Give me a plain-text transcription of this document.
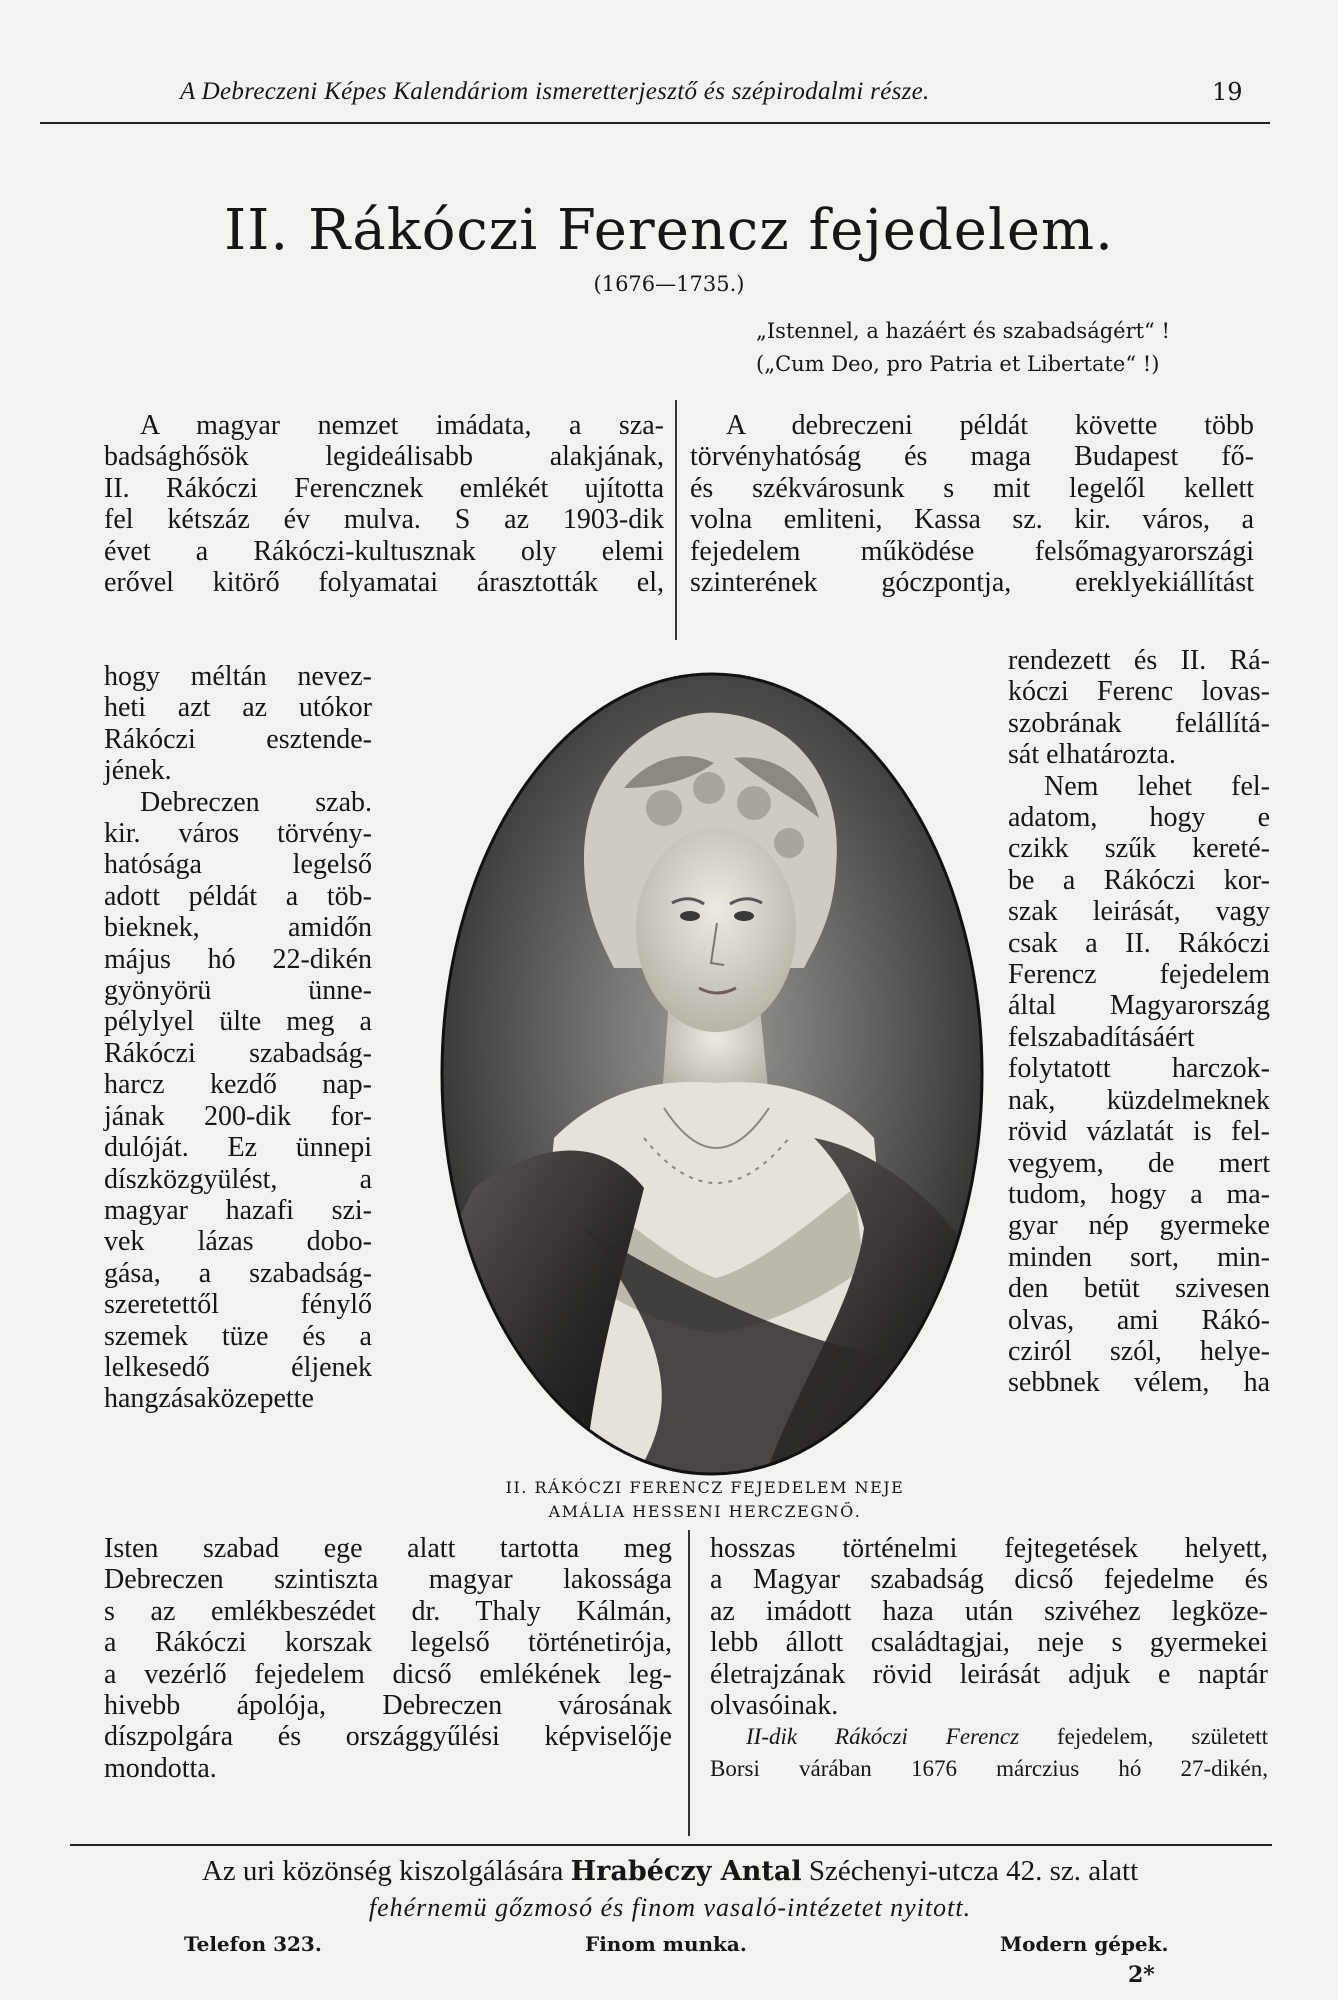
A Debreczeni Képes Kalendáriom ismeretterjesztő és szépirodalmi része.	19
II. Rákóczi Ferencz fejedelem.
(1676—1735.)
„Istennel, a hazáért és szabadságért“ !
(„Cum Deo, pro Patria et Libertate“ !)

A magyar nemzet imádata, a sza-

badsághősök legideálisabb alakjának,

II. Rákóczi Ferencznek emlékét ujította

fel kétszáz év mulva. S az 1903-dik

évet a Rákóczi-kultusznak oly elemi

erővel kitörő folyamatai árasztották el,

A debreczeni példát követte több

törvényhatóság és maga Budapest fő-

és székvárosunk s mit legelől kellett

volna emliteni, Kassa sz. kir. város, a

fejedelem működése felsőmagyarországi

szinterének góczpontja, ereklyekiállítást

hogy méltán nevez-

heti azt az utókor

Rákóczi esztende-

jének.

Debreczen szab.

kir. város törvény-

hatósága legelső

adott példát a töb-

bieknek, amidőn

május hó 22-dikén

gyönyörü ünne-

pélylyel ülte meg a

Rákóczi szabadság-

harcz kezdő nap-

jának 200-dik for-

dulóját. Ez ünnepi

díszközgyülést, a

magyar hazafi szi-

vek lázas dobo-

gása, a szabadság-

szeretettől fénylő

szemek tüze és a

lelkesedő éljenek

hangzásaközepette

rendezett és II. Rá-

kóczi Ferenc lovas-

szobrának felállítá-

sát elhatározta.

Nem lehet fel-

adatom, hogy e

czikk szűk kereté-

be a Rákóczi kor-

szak leirását, vagy

csak a II. Rákóczi

Ferencz fejedelem

által Magyarország

felszabadításáért

folytatott harczok-

nak, küzdelmeknek

rövid vázlatát is fel-

vegyem, de mert

tudom, hogy a ma-

gyar nép gyermeke

minden sort, min-

den betüt szivesen

olvas, ami Rákó-

cziról szól, helye-

sebbnek vélem, ha

II. RÁKÓCZI FERENCZ FEJEDELEM NEJE
AMÁLIA HESSENI HERCZEGNŐ.

Isten szabad ege alatt tartotta meg

Debreczen szintiszta magyar lakossága

s az emlékbeszédet dr. Thaly Kálmán,

a Rákóczi korszak legelső történetirója,

a vezérlő fejedelem dicső emlékének leg-

hivebb ápolója, Debreczen városának

díszpolgára és országgyűlési képviselője

mondotta.

hosszas történelmi fejtegetések helyett,

a Magyar szabadság dicső fejedelme és

az imádott haza után szivéhez legköze-

lebb állott családtagjai, neje s gyermekei

életrajzának rövid leirását adjuk e naptár

olvasóinak.

II-dik Rákóczi Ferencz fejedelem, született

Borsi várában 1676 márczius hó 27-dikén,

Az uri közönség kiszolgálására Hrabéczy Antal Széchenyi-utcza 42. sz. alatt
fehérnemü gőzmosó és finom vasaló-intézetet nyitott.
Telefon 323.	Finom munka.	Modern gépek.
2*
